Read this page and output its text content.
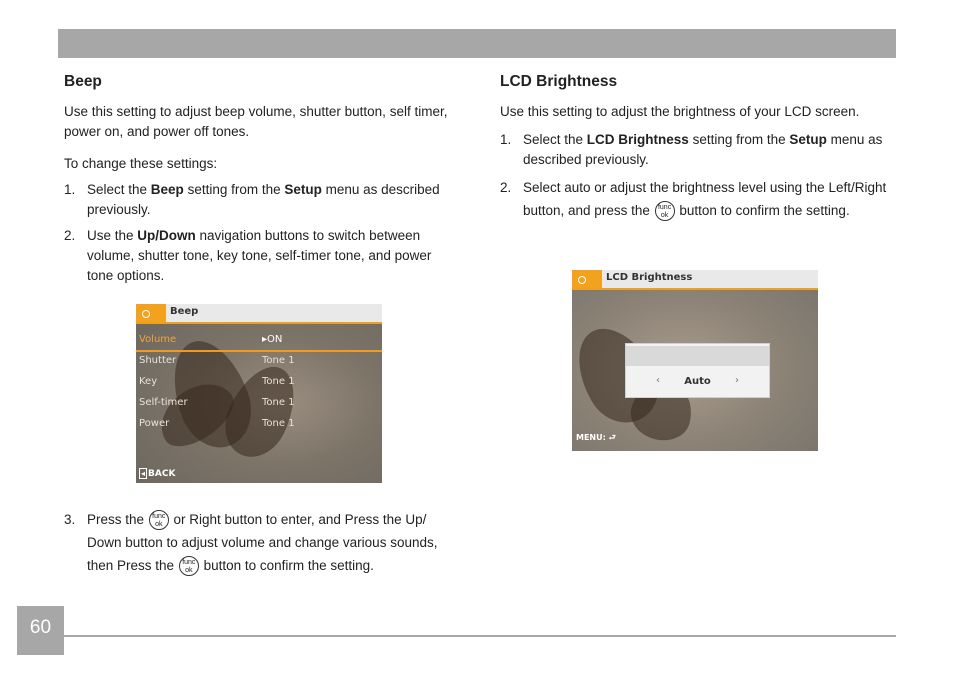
Beep
Use this setting to adjust beep volume, shutter button, self timer, power on, and power off tones.
To change these settings:
1. Select the Beep setting from the Setup menu as described previously.
2. Use the Up/Down navigation buttons to switch between volume, shutter tone, key tone, self-timer tone, and power tone options.
Beep
Volume	▸ON
Shutter	Tone 1
Key	Tone 1
Self-timer	Tone 1
Power	Tone 1
◂ BACK
3. Press the func
ok or Right button to enter, and Press the Up/ Down button to adjust volume and change various sounds, then Press the func
ok button to confirm the setting.
LCD Brightness
Use this setting to adjust the brightness of your LCD screen.
1. Select the LCD Brightness setting from the Setup menu as described previously.
2. Select auto or adjust the brightness level using the Left/Right button, and press the func
ok button to confirm the setting.
LCD Brightness
‹	Auto	›
MENU: ⮐
60
